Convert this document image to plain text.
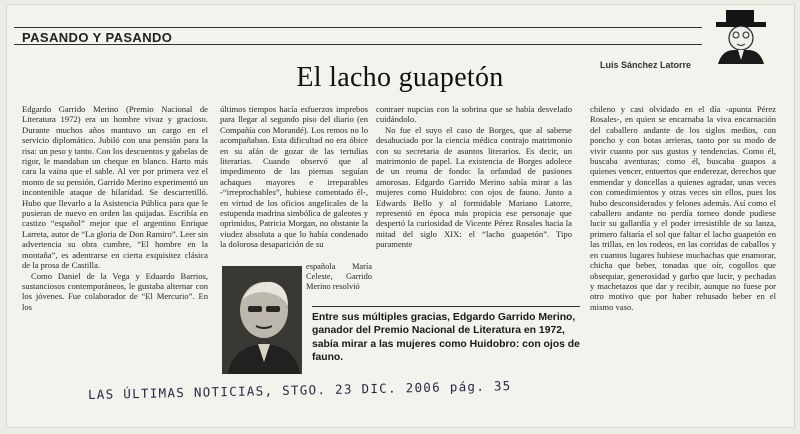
PASANDO Y PASANDO
Luis Sánchez Latorre
El lacho guapetón

Edgardo Garrido Merino (Premio Nacional de Literatura 1972) era un hombre vivaz y gracioso. Durante muchos años mantuvo un cargo en el servicio diplomático. Jubiló con una pensión para la risa: un peso y tanto. Con los descuentos y gabelas de rigor, le mandaban un cheque en blanco. Harto más cara la vaina que el sable. Al ver por primera vez el monto de su pensión, Garrido Merino experimentó un incontenible ataque de hilaridad. Se descarretilló. Hubo que llevarlo a la Asistencia Pública para que le pusieran de nuevo en orden las quijadas. Escribía en castizo “español” mejor que el argentino Enrique Larreta, autor de “La gloria de Don Ramiro”. Leer sin advertencia su obra cumbre, “El hombre en la montaña”, es adentrarse en cierta exquisitez clásica de la prosa de Castilla.

Como Daniel de la Vega y Eduardo Barrios, sustanciosos contemporáneos, le gustaba alternar con los jóvenes. Fue colaborador de “El Mercurio”. En los

últimos tiempos hacía esfuerzos imprebos para llegar al segundo piso del diario (en Compañía con Morandé). Los remos no lo acompañaban. Esta dificultad no era óbice en su afán de gozar de las tertulias literarias. Cuando observó que al impedimento de las piernas seguían achaques mayores e irreparables -“irreprochables”, hubiese comentado él-, en virtud de los oficios angelicales de la estupenda madrina simbólica de galeotes y oprimidos, Patricia Morgan, no obstante la viudez absoluta a que lo había condenado la dolorosa desaparición de su

española María Celeste, Garrido Merino resolvió

contraer nupcias con la sobrina que se había desvelado cuidándolo.

No fue el suyo el caso de Borges, que al saberse desahuciado por la ciencia médica contrajo matrimonio con su secretaria de asuntos literarios. Es decir, un matrimonio de papel. La existencia de Borges adolece de un reuma de fondo: la orfandad de pasiones amorosas. Edgardo Garrido Merino sabía mirar a las mujeres como Huidobro: con ojos de fauno. Junto a Edwards Bello y al formidable Mariano Latorre, representó en época más propicia ese personaje que despertó la curiosidad de Vicente Pérez Rosales hacia la mitad del siglo XIX: el “lacho guapetón”. Tipo puramente

Entre sus múltiples gracias, Edgardo Garrido Merino, ganador del Premio Nacional de Literatura en 1972, sabía mirar a las mujeres como Huidobro: con ojos de fauno.

chileno y casi olvidado en el día -apunta Pérez Rosales-, en quien se encarnaba la viva encarnación del caballero andante de los siglos medios, con poncho y con botas arrieras, tanto por su modo de vivir cuanto por sus gustos y tendencias. Como él, buscaba aventuras; como él, buscaba guapos a quienes vencer, entuertos que enderezar, derechos que enmendar y doncellas a quienes agradar, unas veces con comedimientos y otras veces sin ellos, pues los hubo desconsiderados y felones además. Así como el caballero andante no perdía torneo donde pudiese lucir su gallardía y el poder irresistible de su lanza, primero faltaría el sol que faltar el lacho guapetón en las trillas, en los rodeos, en las corridas de caballos y en cuantos lugares hubiese muchachas que enamorar, chicha que beber, tonadas que oír, cogollos que obsequiar, generosidad y garbo que lucir, y pechadas y machetazos que dar y recibir, aunque no fuese por otro motivo que por haber rehusado beber en el mismo vaso.

LAS ÚLTIMAS NOTICIAS, STGO. 23 DIC. 2006 pág. 35
